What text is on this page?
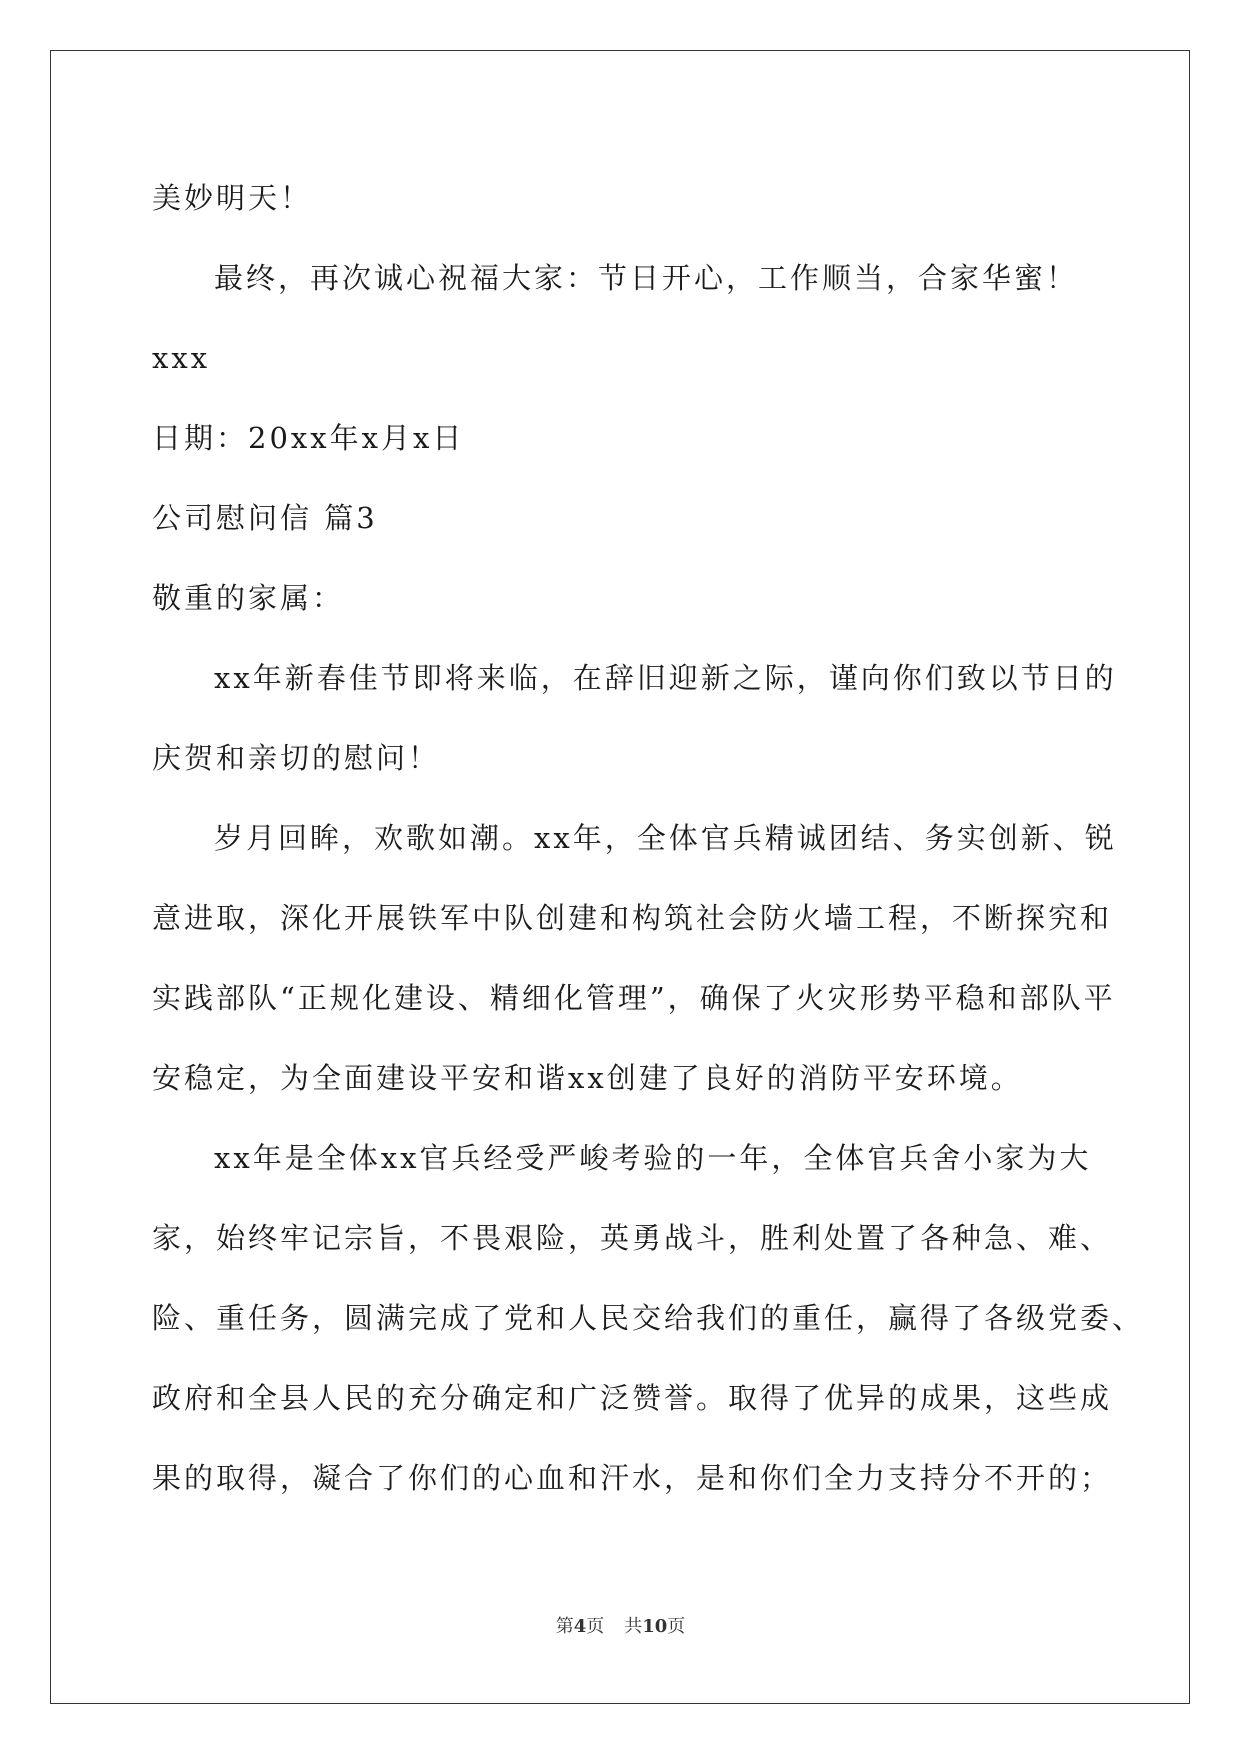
美妙明天！
最终，再次诚心祝福大家：节日开心，工作顺当，合家华蜜！
xxx
日期：20xx年x月x日
公司慰问信 篇3
敬重的家属：
xx年新春佳节即将来临，在辞旧迎新之际，谨向你们致以节日的
庆贺和亲切的慰问！
岁月回眸，欢歌如潮。xx年，全体官兵精诚团结、务实创新、锐
意进取，深化开展铁军中队创建和构筑社会防火墙工程，不断探究和
实践部队“正规化建设、精细化管理”，确保了火灾形势平稳和部队平
安稳定，为全面建设平安和谐xx创建了良好的消防平安环境。
xx年是全体xx官兵经受严峻考验的一年，全体官兵舍小家为大
家，始终牢记宗旨，不畏艰险，英勇战斗，胜利处置了各种急、难、
险、重任务，圆满完成了党和人民交给我们的重任，赢得了各级党委、
政府和全县人民的充分确定和广泛赞誉。取得了优异的成果，这些成
果的取得，凝合了你们的心血和汗水，是和你们全力支持分不开的；
第4页 共10页
